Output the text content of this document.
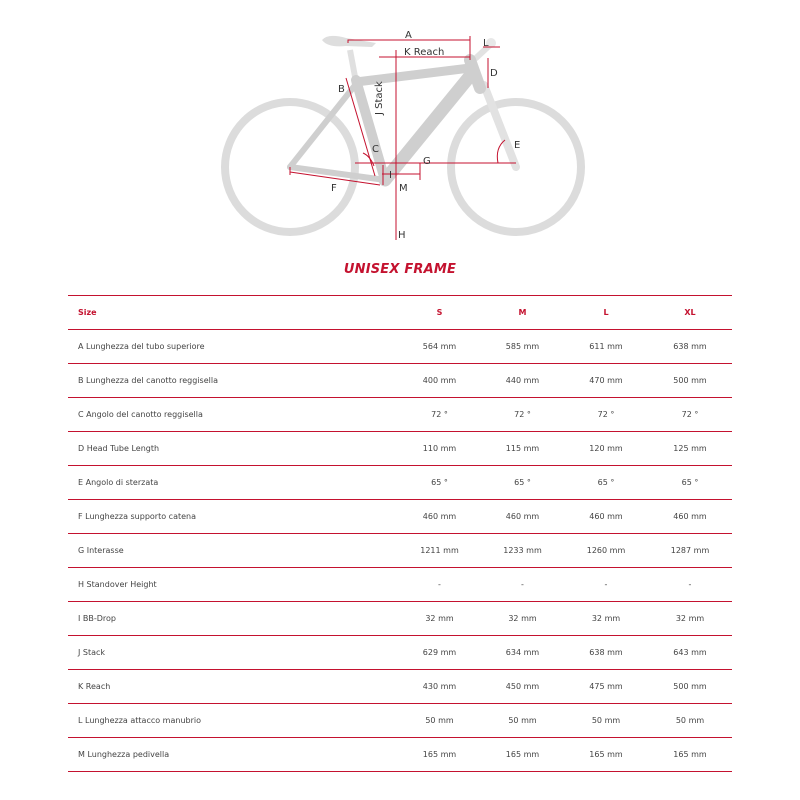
A
K Reach
L
D
B	J Stack
C	E
G
F
I
M
H
UNISEX FRAME
Size	S	M	L	XL
A Lunghezza del tubo superiore	564 mm	585 mm	611 mm	638 mm
B Lunghezza del canotto reggisella	400 mm	440 mm	470 mm	500 mm
C Angolo del canotto reggisella	72 °	72 °	72 °	72 °
D Head Tube Length	110 mm	115 mm	120 mm	125 mm
E Angolo di sterzata	65 °	65 °	65 °	65 °
F Lunghezza supporto catena	460 mm	460 mm	460 mm	460 mm
G Interasse	1211 mm	1233 mm	1260 mm	1287 mm
H Standover Height	-	-	-	-
I BB-Drop	32 mm	32 mm	32 mm	32 mm
J Stack	629 mm	634 mm	638 mm	643 mm
K Reach	430 mm	450 mm	475 mm	500 mm
L Lunghezza attacco manubrio	50 mm	50 mm	50 mm	50 mm
M Lunghezza pedivella	165 mm	165 mm	165 mm	165 mm
